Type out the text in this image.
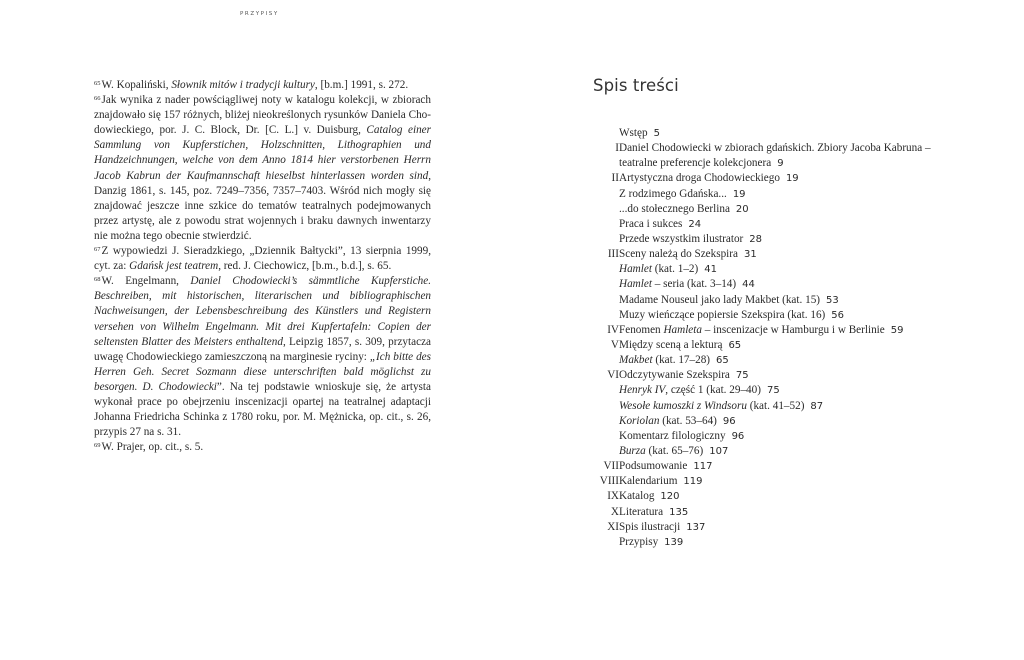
PRZYPISY

$^{65}$W. Kopaliński, Słownik mitów i tradycji kultury, [b.m.] 1991, s. 272.

$^{66}$Jak wynika z nader powściągliwej noty w katalogu kolekcji, w zbiorach znajdowało się 157 różnych, bliżej nieokreślonych rysunków Daniela Chodowieckiego, por. J. C. Block, Dr. [C. L.] v. Duisburg, Catalog einer Sammlung von Kupferstichen, Holzschnitten, Lithographien und Handzeichnungen, welche von dem Anno 1814 hier verstorbenen Herrn Jacob Kabrun der Kaufmannschaft hieselbst hinterlassen worden sind, Danzig 1861, s. 145, poz. 7249–7356, 7357–7403. Wśród nich mogły się znajdować jeszcze inne szkice do tematów teatralnych podejmowanych przez artystę, ale z powodu strat wojennych i braku dawnych inwentarzy nie można tego obecnie stwierdzić.

$^{67}$Z wypowiedzi J. Sieradzkiego, „Dziennik Bałtycki”, 13 sierpnia 1999, cyt. za: Gdańsk jest teatrem, red. J. Ciechowicz, [b.m., b.d.], s. 65.

$^{68}$W. Engelmann, Daniel Chodowiecki’s sämmtliche Kupferstiche. Beschreiben, mit historischen, literarischen und bibliographischen Nachweisungen, der Lebensbeschreibung des Künstlers und Registern versehen von Wilhelm Engelmann. Mit drei Kupfertafeln: Copien der seltensten Blatter des Meisters enthaltend, Leipzig 1857, s. 309, przytacza uwagę Chodowieckiego zamieszczoną na marginesie ryciny: „Ich bitte des Herren Geh. Secret Sozmann diese unterschriften bald möglichst zu besorgen. D. Chodowiecki”. Na tej podstawie wnioskuje się, że artysta wykonał prace po obejrzeniu inscenizacji opartej na teatralnej adaptacji Johanna Friedricha Schinka z 1780 roku, por. M. Mężnicka, op. cit., s. 26, przypis 27 na s. 31.

$^{69}$W. Prajer, op. cit., s. 5.

Spis treści
Wstęp 5
I Daniel Chodowiecki w zbiorach gdańskich. Zbiory Jacoba Kabruna –
teatralne preferencje kolekcjonera 9
II Artystyczna droga Chodowieckiego 19
Z rodzimego Gdańska... 19
...do stołecznego Berlina 20
Praca i sukces 24
Przede wszystkim ilustrator 28
III Sceny należą do Szekspira 31
Hamlet (kat. 1–2) 41
Hamlet – seria (kat. 3–14) 44
Madame Nouseul jako lady Makbet (kat. 15) 53
Muzy wieńczące popiersie Szekspira (kat. 16) 56
IV Fenomen Hamleta – inscenizacje w Hamburgu i w Berlinie 59
V Między sceną a lekturą 65
Makbet (kat. 17–28) 65
VI Odczytywanie Szekspira 75
Henryk IV, część 1 (kat. 29–40) 75
Wesołe kumoszki z Windsoru (kat. 41–52) 87
Koriolan (kat. 53–64) 96
Komentarz filologiczny 96
Burza (kat. 65–76) 107
VII Podsumowanie 117
VIII Kalendarium 119
IX Katalog 120
X Literatura 135
XI Spis ilustracji 137
Przypisy 139
